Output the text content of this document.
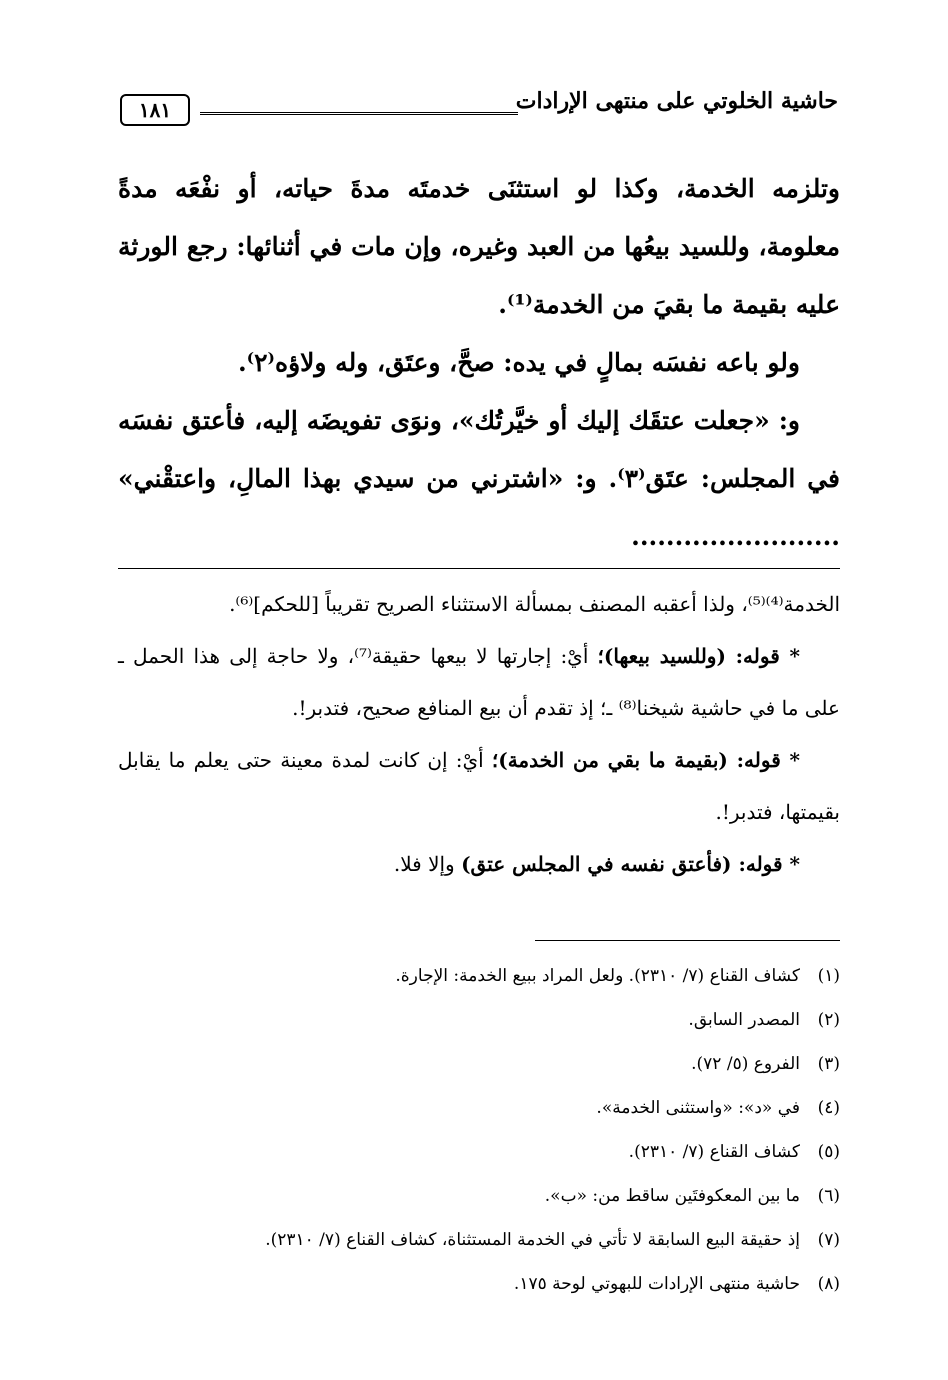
حاشية الخلوتي على منتهى الإرادات
١٨١

وتلزمه الخدمة، وكذا لو استثنَى خدمتَه مدةَ حياته، أو نفْعَه مدةً معلومة، وللسيد بيعُها من العبد وغيره، وإن مات في أثنائها: رجع الورثة عليه بقيمة ما بقيَ من الخدمة⁽¹⁾.

ولو باعه نفسَه بمالٍ في يده: صحَّ، وعتَق، وله ولاؤه⁽٢⁾.

و: «جعلت عتقَك إليك أو خيَّرتُك»، ونوَى تفويضَه إليه، فأعتق نفسَه في المجلس: عتَق⁽٣⁾. و: «اشترني من سيدي بهذا المالِ، واعتقْني» ........................

الخدمة⁽⁴⁾⁽⁵⁾، ولذا أعقبه المصنف بمسألة الاستثناء الصريح تقريباً [للحكم]⁽⁶⁾.

* قوله: (وللسيد بيعها)؛ أيْ: إجارتها لا بيعها حقيقة⁽⁷⁾، ولا حاجة إلى هذا الحمل ـ على ما في حاشية شيخنا⁽⁸⁾ ـ؛ إذ تقدم أن بيع المنافع صحيح، فتدبر!.

* قوله: (بقيمة ما بقي من الخدمة)؛ أيْ: إن كانت لمدة معينة حتى يعلم ما يقابل بقيمتها، فتدبر!.

* قوله: (فأعتق نفسه في المجلس عتق) وإلا فلا.

(١)كشاف القناع (٧/ ٢٣١٠). ولعل المراد ببيع الخدمة: الإجارة.
(٢)المصدر السابق.
(٣)الفروع (٥/ ٧٢).
(٤)في «د»: «واستثنى الخدمة».
(٥)كشاف القناع (٧/ ٢٣١٠).
(٦)ما بين المعكوفتَين ساقط من: «ب».
(٧)إذ حقيقة البيع السابقة لا تأتي في الخدمة المستثناة، كشاف القناع (٧/ ٢٣١٠).
(٨)حاشية منتهى الإرادات للبهوتي لوحة ١٧٥.
